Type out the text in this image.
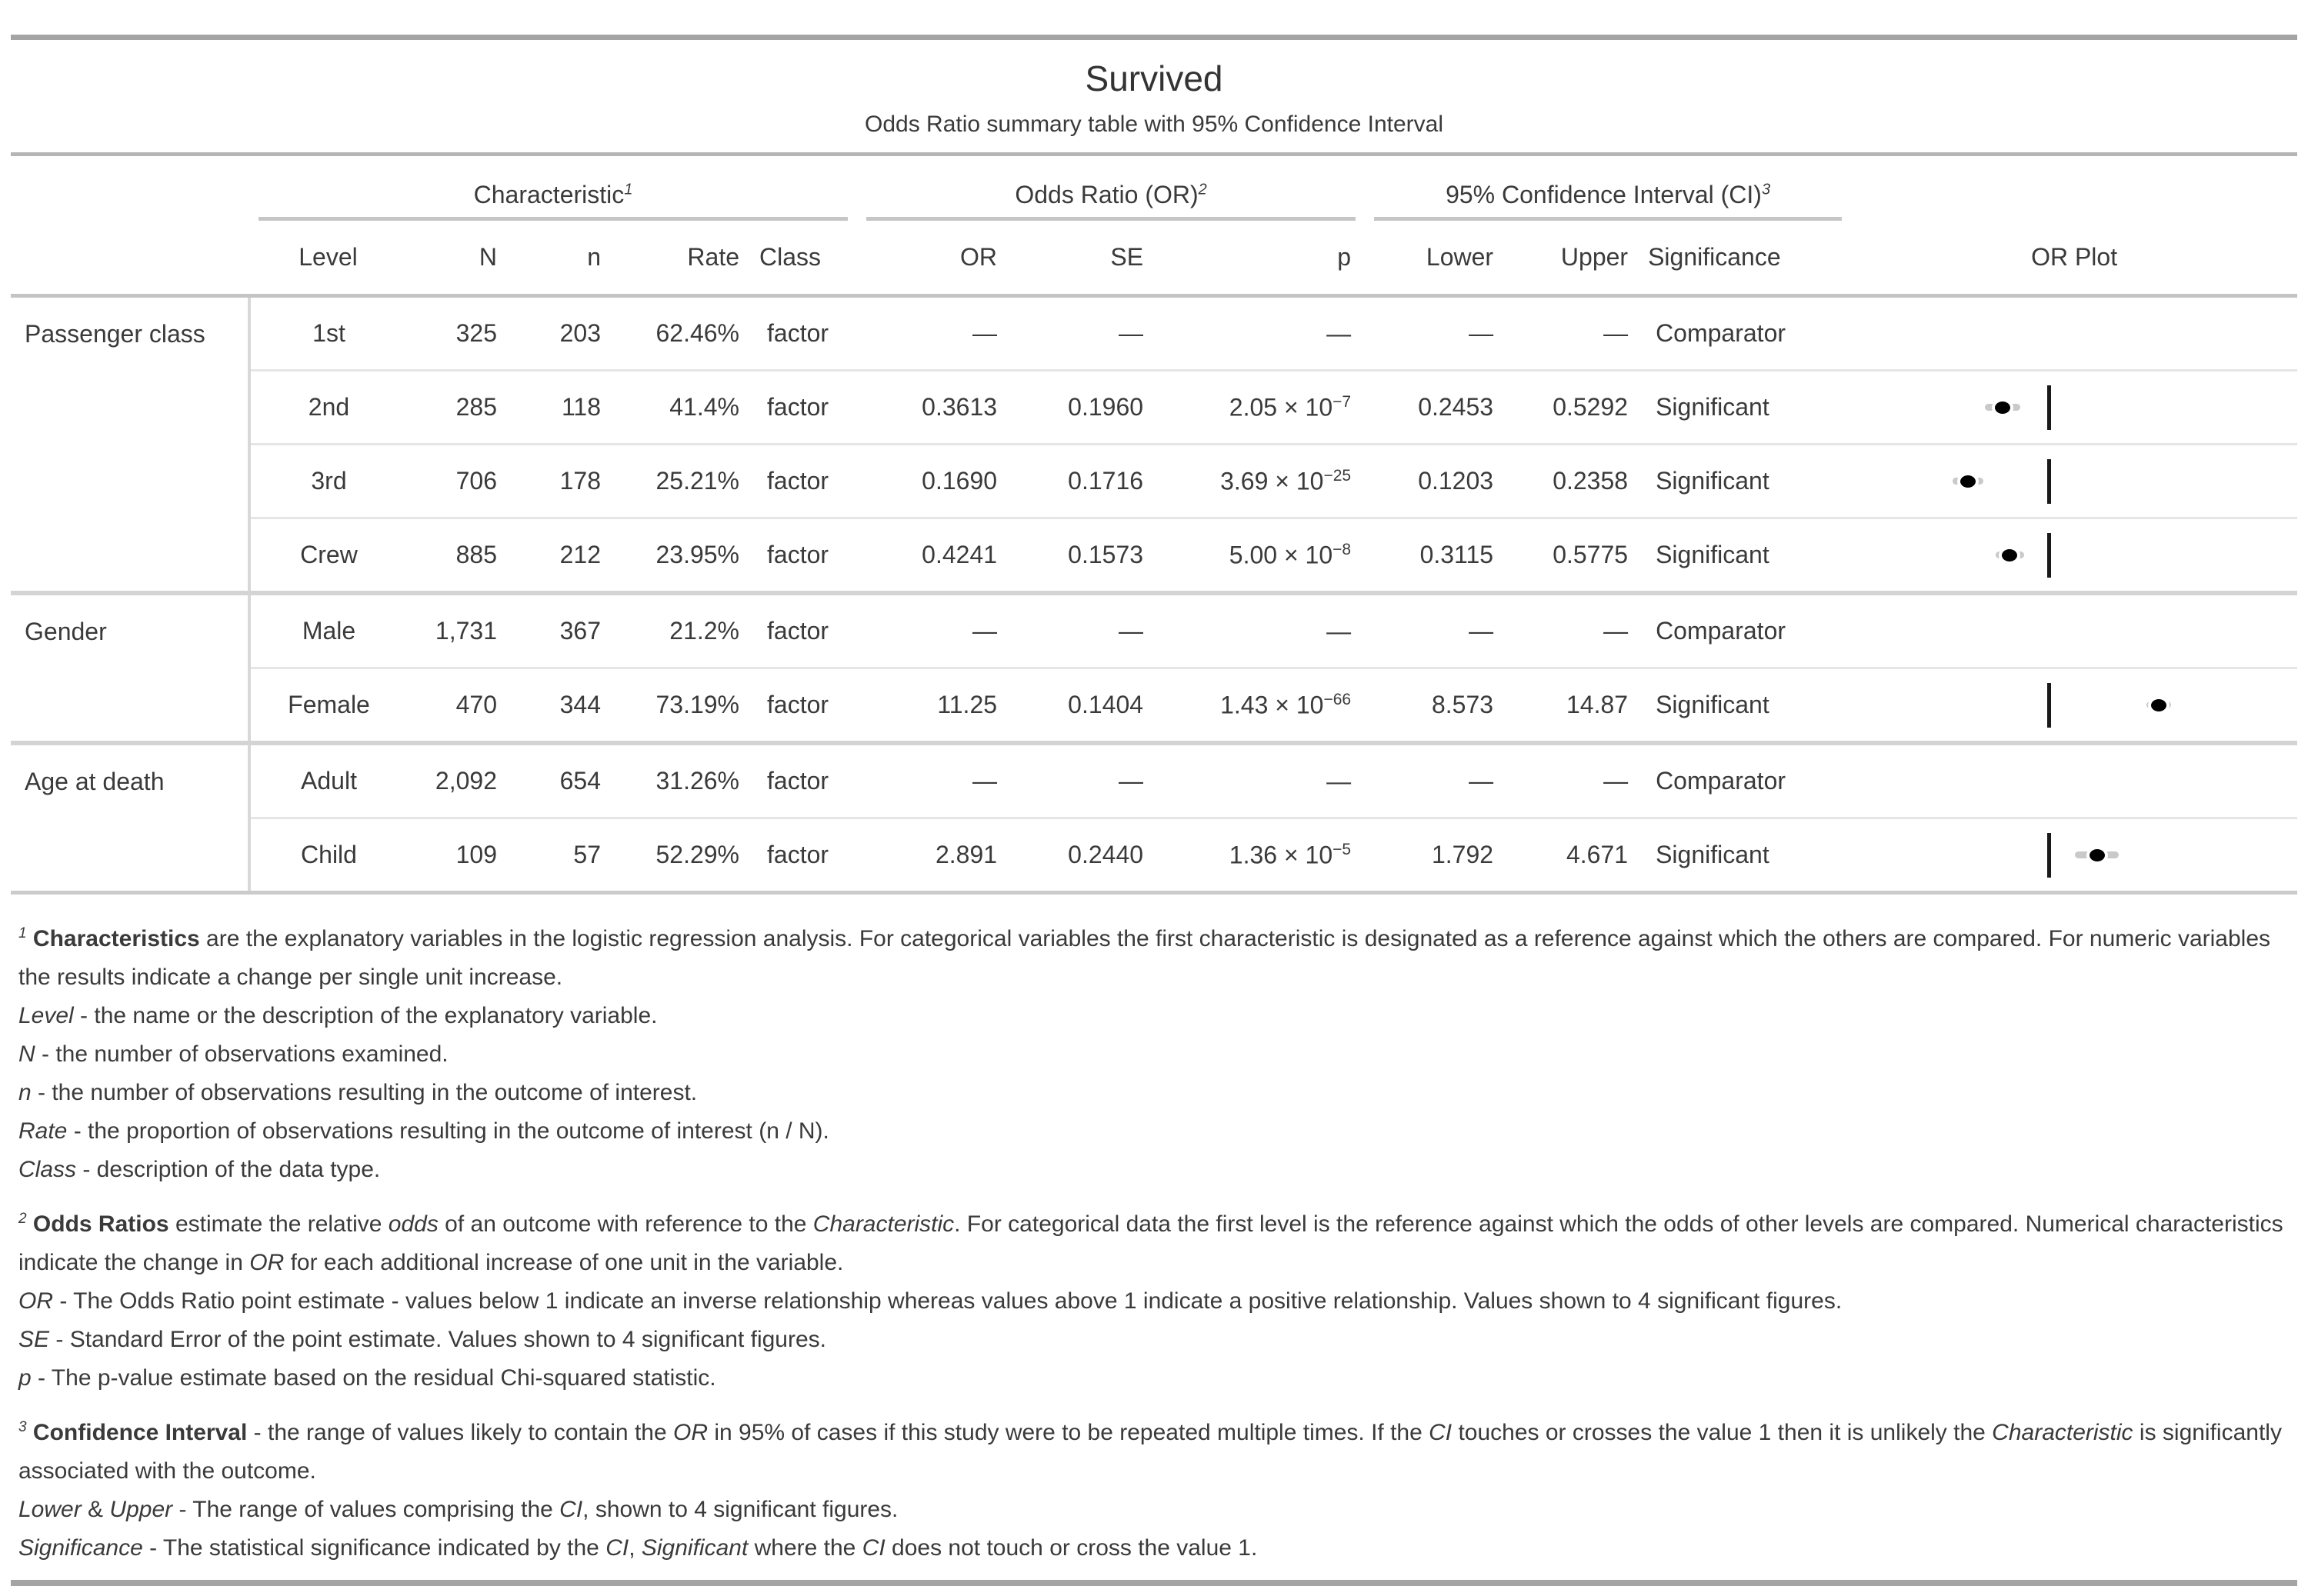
Survived
Odds Ratio summary table with 95% Confidence Interval

	Characteristic$^1$					Odds Ratio (OR)$^2$			95% Confidence Interval (CI)$^3$

	Level	N	n	Rate	Class	OR	SE	p	Lower	Upper	Significance	OR Plot
Passenger class	1st	325	203	62.46%	factor	—	—	—	—	—	Comparator	

	2nd	285	118	41.4%	factor	0.3613	0.1960	$2.05 \times 10^{-7}$	0.2453	0.5292	Significant	

	3rd	706	178	25.21%	factor	0.1690	0.1716	$3.69 \times 10^{-25}$	0.1203	0.2358	Significant	

	Crew	885	212	23.95%	factor	0.4241	0.1573	$5.00 \times 10^{-8}$	0.3115	0.5775	Significant	

Gender	Male	1,731	367	21.2%	factor	—	—	—	—	—	Comparator	

	Female	470	344	73.19%	factor	11.25	0.1404	$1.43 \times 10^{-66}$	8.573	14.87	Significant	

Age at death	Adult	2,092	654	31.26%	factor	—	—	—	—	—	Comparator	

	Child	109	57	52.29%	factor	2.891	0.2440	$1.36 \times 10^{-5}$	1.792	4.671	Significant	
$^1$ Characteristics are the explanatory variables in the logistic regression analysis. For categorical variables the first characteristic is designated as a reference against which the others are compared. For numeric variables the results indicate a change per single unit increase.
Level - the name or the description of the explanatory variable.
N - the number of observations examined.
n - the number of observations resulting in the outcome of interest.
Rate - the proportion of observations resulting in the outcome of interest (n / N).
Class - description of the data type.
$^2$ Odds Ratios estimate the relative odds of an outcome with reference to the Characteristic. For categorical data the first level is the reference against which the odds of other levels are compared. Numerical characteristics indicate the change in OR for each additional increase of one unit in the variable.
OR - The Odds Ratio point estimate - values below 1 indicate an inverse relationship whereas values above 1 indicate a positive relationship. Values shown to 4 significant figures.
SE - Standard Error of the point estimate. Values shown to 4 significant figures.
p - The p-value estimate based on the residual Chi-squared statistic.
$^3$ Confidence Interval - the range of values likely to contain the OR in 95% of cases if this study were to be repeated multiple times. If the CI touches or crosses the value 1 then it is unlikely the Characteristic is significantly associated with the outcome.
Lower & Upper - The range of values comprising the CI, shown to 4 significant figures.
Significance - The statistical significance indicated by the CI, Significant where the CI does not touch or cross the value 1.
